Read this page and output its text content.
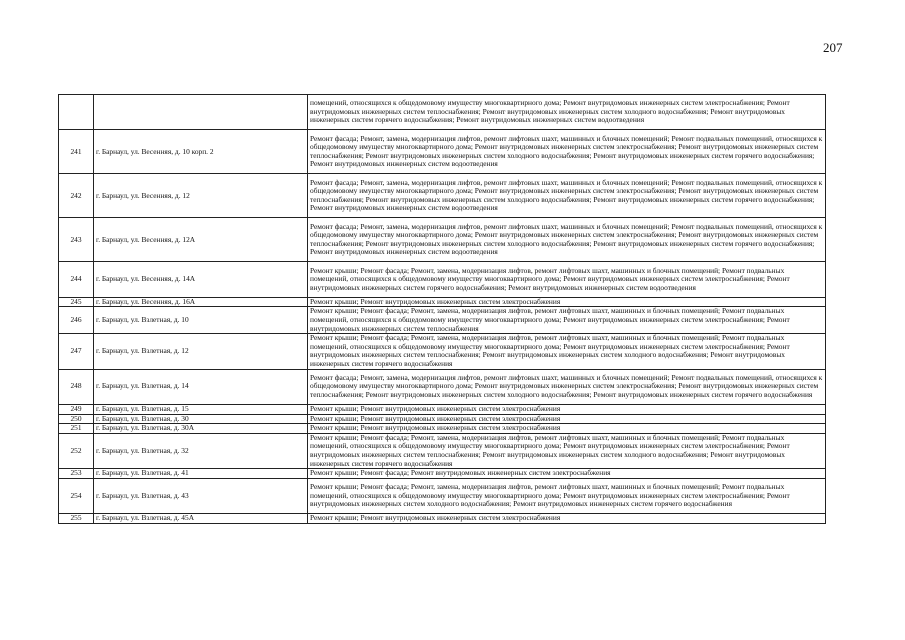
207
		помещений, относящихся к общедомовому имуществу многоквартирного дома; Ремонт внутридомовых инженерных систем электроснабжения; Ремонт внутридомовых инженерных систем теплоснабжения; Ремонт внутридомовых инженерных систем холодного водоснабжения; Ремонт внутридомовых инженерных систем горячего водоснабжения; Ремонт внутридомовых инженерных систем водоотведения
241	г. Барнаул, ул. Весенняя, д. 10 корп. 2	Ремонт фасада; Ремонт, замена, модернизация лифтов, ремонт лифтовых шахт, машинных и блочных помещений; Ремонт подвальных помещений, относящихся к общедомовому имуществу многоквартирного дома; Ремонт внутридомовых инженерных систем электроснабжения; Ремонт внутридомовых инженерных систем теплоснабжения; Ремонт внутридомовых инженерных систем холодного водоснабжения; Ремонт внутридомовых инженерных систем горячего водоснабжения; Ремонт внутридомовых инженерных систем водоотведения
242	г. Барнаул, ул. Весенняя, д. 12	Ремонт фасада; Ремонт, замена, модернизация лифтов, ремонт лифтовых шахт, машинных и блочных помещений; Ремонт подвальных помещений, относящихся к общедомовому имуществу многоквартирного дома; Ремонт внутридомовых инженерных систем электроснабжения; Ремонт внутридомовых инженерных систем теплоснабжения; Ремонт внутридомовых инженерных систем холодного водоснабжения; Ремонт внутридомовых инженерных систем горячего водоснабжения; Ремонт внутридомовых инженерных систем водоотведения
243	г. Барнаул, ул. Весенняя, д. 12А	Ремонт фасада; Ремонт, замена, модернизация лифтов, ремонт лифтовых шахт, машинных и блочных помещений; Ремонт подвальных помещений, относящихся к общедомовому имуществу многоквартирного дома; Ремонт внутридомовых инженерных систем электроснабжения; Ремонт внутридомовых инженерных систем теплоснабжения; Ремонт внутридомовых инженерных систем холодного водоснабжения; Ремонт внутридомовых инженерных систем горячего водоснабжения; Ремонт внутридомовых инженерных систем водоотведения
244	г. Барнаул, ул. Весенняя, д. 14А	Ремонт крыши; Ремонт фасада; Ремонт, замена, модернизация лифтов, ремонт лифтовых шахт, машинных и блочных помещений; Ремонт подвальных помещений, относящихся к общедомовому имуществу многоквартирного дома; Ремонт внутридомовых инженерных систем электроснабжения; Ремонт внутридомовых инженерных систем горячего водоснабжения; Ремонт внутридомовых инженерных систем водоотведения
245	г. Барнаул, ул. Весенняя, д. 16А	Ремонт крыши; Ремонт внутридомовых инженерных систем электроснабжения
246	г. Барнаул, ул. Взлетная, д. 10	Ремонт крыши; Ремонт фасада; Ремонт, замена, модернизация лифтов, ремонт лифтовых шахт, машинных и блочных помещений; Ремонт подвальных помещений, относящихся к общедомовому имуществу многоквартирного дома; Ремонт внутридомовых инженерных систем электроснабжения; Ремонт внутридомовых инженерных систем теплоснабжения
247	г. Барнаул, ул. Взлетная, д. 12	Ремонт крыши; Ремонт фасада; Ремонт, замена, модернизация лифтов, ремонт лифтовых шахт, машинных и блочных помещений; Ремонт подвальных помещений, относящихся к общедомовому имуществу многоквартирного дома; Ремонт внутридомовых инженерных систем электроснабжения; Ремонт внутридомовых инженерных систем теплоснабжения; Ремонт внутридомовых инженерных систем холодного водоснабжения; Ремонт внутридомовых инженерных систем горячего водоснабжения
248	г. Барнаул, ул. Взлетная, д. 14	Ремонт фасада; Ремонт, замена, модернизация лифтов, ремонт лифтовых шахт, машинных и блочных помещений; Ремонт подвальных помещений, относящихся к общедомовому имуществу многоквартирного дома; Ремонт внутридомовых инженерных систем электроснабжения; Ремонт внутридомовых инженерных систем теплоснабжения; Ремонт внутридомовых инженерных систем холодного водоснабжения; Ремонт внутридомовых инженерных систем горячего водоснабжения
249	г. Барнаул, ул. Взлетная, д. 15	Ремонт крыши; Ремонт внутридомовых инженерных систем электроснабжения
250	г. Барнаул, ул. Взлетная, д. 30	Ремонт крыши; Ремонт внутридомовых инженерных систем электроснабжения
251	г. Барнаул, ул. Взлетная, д. 30А	Ремонт крыши; Ремонт внутридомовых инженерных систем электроснабжения
252	г. Барнаул, ул. Взлетная, д. 32	Ремонт крыши; Ремонт фасада; Ремонт, замена, модернизация лифтов, ремонт лифтовых шахт, машинных и блочных помещений; Ремонт подвальных помещений, относящихся к общедомовому имуществу многоквартирного дома; Ремонт внутридомовых инженерных систем электроснабжения; Ремонт внутридомовых инженерных систем теплоснабжения; Ремонт внутридомовых инженерных систем холодного водоснабжения; Ремонт внутридомовых инженерных систем горячего водоснабжения
253	г. Барнаул, ул. Взлетная, д. 41	Ремонт крыши; Ремонт фасада; Ремонт внутридомовых инженерных систем электроснабжения
254	г. Барнаул, ул. Взлетная, д. 43	Ремонт крыши; Ремонт фасада; Ремонт, замена, модернизация лифтов, ремонт лифтовых шахт, машинных и блочных помещений; Ремонт подвальных помещений, относящихся к общедомовому имуществу многоквартирного дома; Ремонт внутридомовых инженерных систем электроснабжения; Ремонт внутридомовых инженерных систем холодного водоснабжения; Ремонт внутридомовых инженерных систем горячего водоснабжения
255	г. Барнаул, ул. Взлетная, д. 45А	Ремонт крыши; Ремонт внутридомовых инженерных систем электроснабжения
